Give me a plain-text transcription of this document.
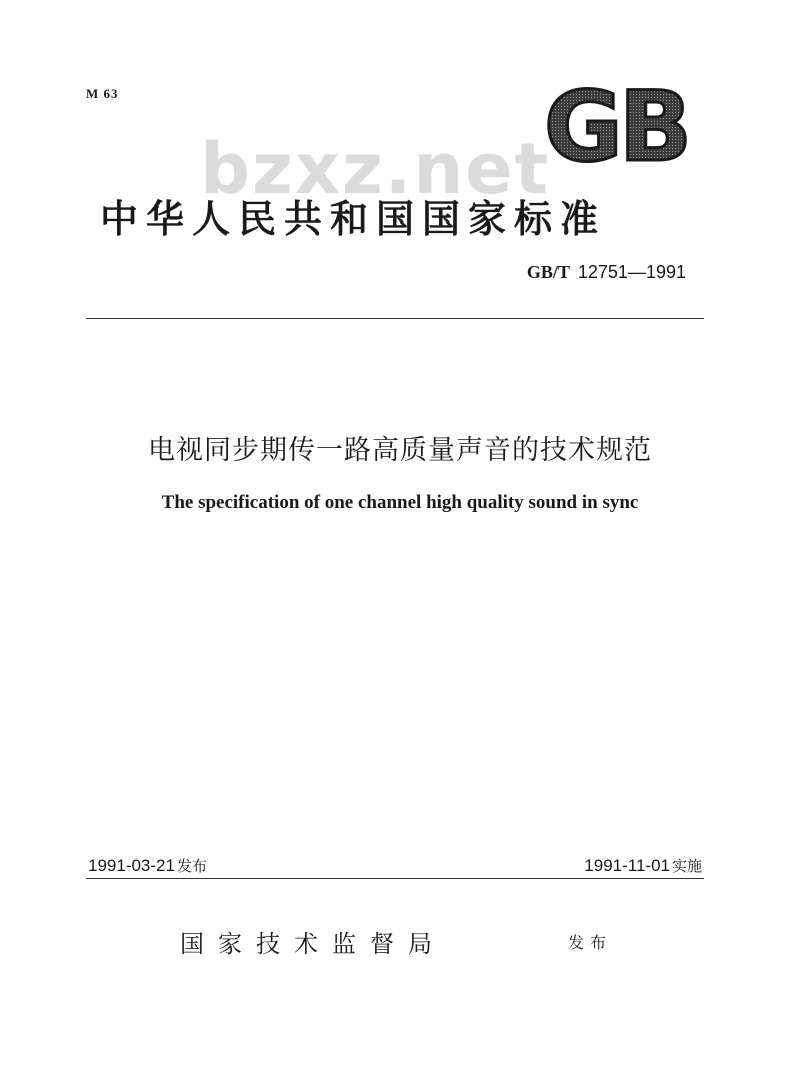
M 63	GB
bzxz.net
中华人民共和国国家标准
GB/T 12751—1991
电视同步期传一路高质量声音的技术规范
The specification of one channel high quality sound in sync
1991-03-21 发布	1991-11-01 实施
国家技术监督局	发布
